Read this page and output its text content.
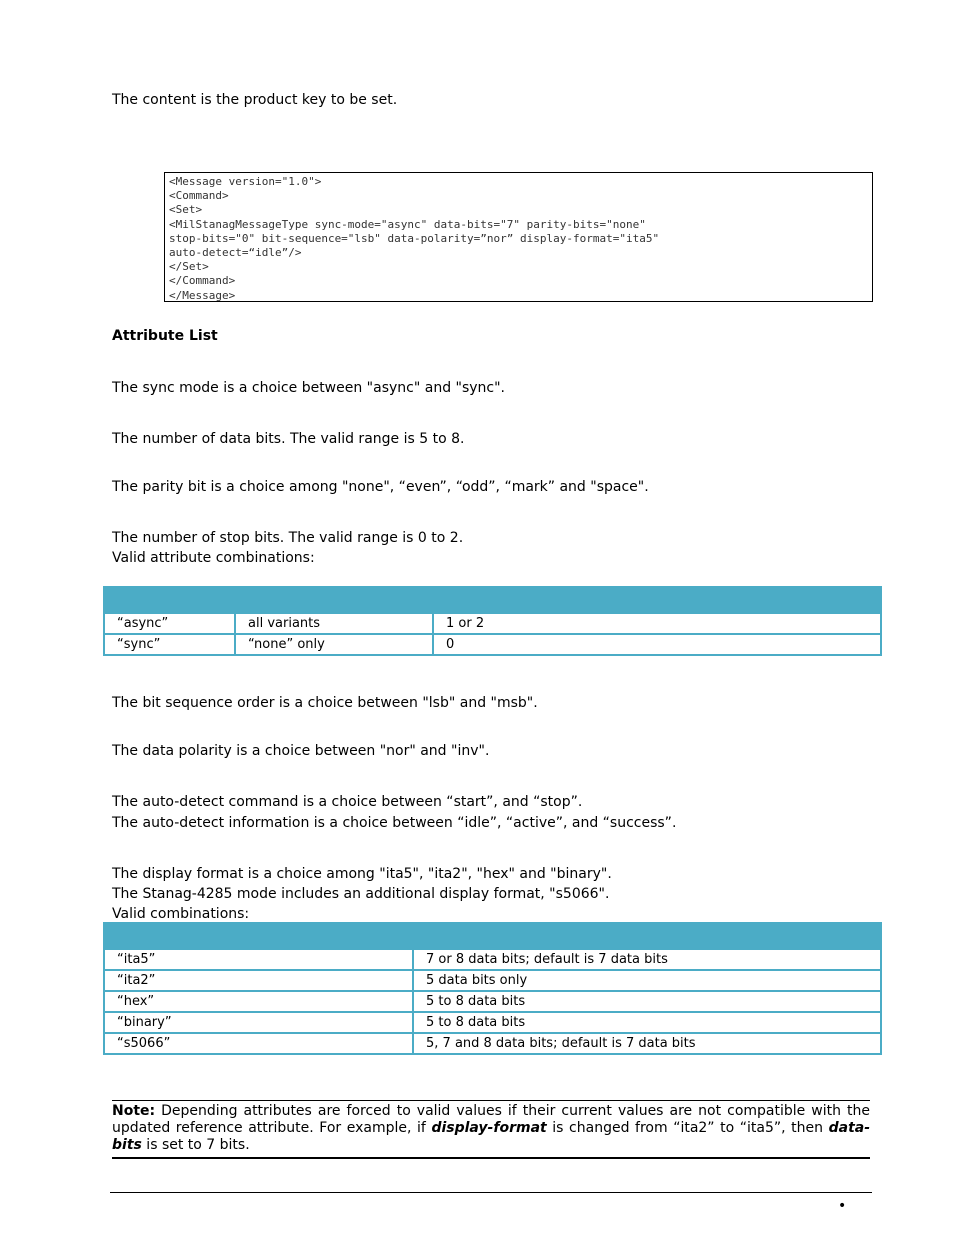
The content is the product key to be set.

<Message version="1.0">
<Command>
<Set>
<MilStanagMessageType sync-mode="async" data-bits="7" parity-bits="none"
stop-bits="0" bit-sequence="lsb" data-polarity=”nor” display-format="ita5"
auto-detect=“idle”/>
</Set>
</Command>
</Message>

Attribute List

The sync mode is a choice between "async" and "sync".

The number of data bits. The valid range is 5 to 8.

The parity bit is a choice among "none", “even”, “odd”, “mark” and "space".

The number of stop bits. The valid range is 0 to 2.

Valid attribute combinations:

“async”	all variants	1 or 2
“sync”	“none” only	0

The bit sequence order is a choice between "lsb" and "msb".

The data polarity is a choice between "nor" and "inv".

The auto-detect command is a choice between “start”, and “stop”.

The auto-detect information is a choice between “idle”, “active”, and “success”.

The display format is a choice among "ita5", "ita2", "hex" and "binary".

The Stanag-4285 mode includes an additional display format, "s5066".

Valid combinations:

“ita5”	7 or 8 data bits; default is 7 data bits
“ita2”	5 data bits only
“hex”	5 to 8 data bits
“binary”	5 to 8 data bits
“s5066”	5, 7 and 8 data bits; default is 7 data bits
Note: Depending attributes are forced to valid values if their current values are not compatible with the updated reference attribute. For example, if display-format is changed from “ita2” to “ita5”, then data-bits is set to 7 bits.
•
